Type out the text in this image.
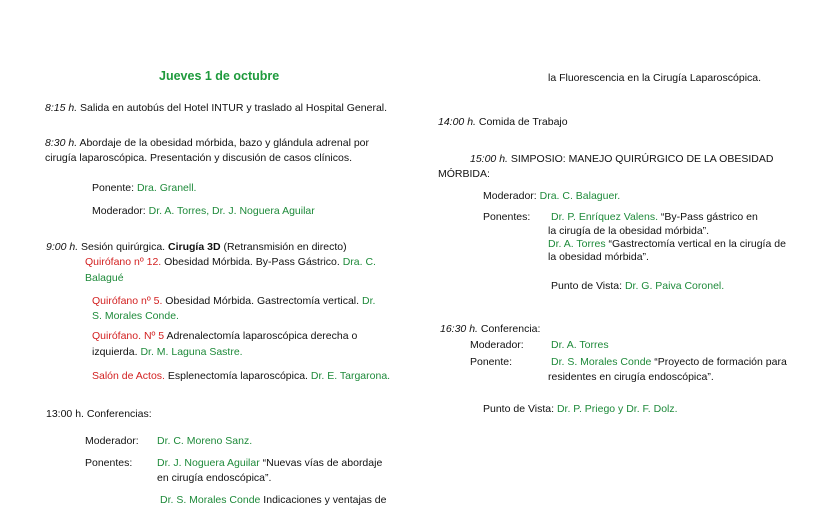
Jueves 1 de octubre
8:15 h. Salida en autobús del Hotel INTUR y traslado al Hospital General.
8:30 h. Abordaje de la obesidad mórbida, bazo y glándula adrenal por
cirugía laparoscópica. Presentación y discusión de casos clínicos.
Ponente: Dra. Granell.
Moderador: Dr. A. Torres, Dr. J. Noguera Aguilar
9:00 h. Sesión quirúrgica. Cirugía 3D (Retransmisión en directo)
Quirófano nº 12. Obesidad Mórbida. By-Pass Gástrico. Dra. C.
Balagué
Quirófano nº 5. Obesidad Mórbida. Gastrectomía vertical. Dr.
S. Morales Conde.
Quirófano. Nº 5 Adrenalectomía laparoscópica derecha o
izquierda. Dr. M. Laguna Sastre.
Salón de Actos. Esplenectomía laparoscópica. Dr. E. Targarona.
13:00 h. Conferencias:
Moderador: Dr. C. Moreno Sanz.
Ponentes: Dr. J. Noguera Aguilar “Nuevas vías de abordaje
en cirugía endoscópica”.
Dr. S. Morales Conde Indicaciones y ventajas de
la Fluorescencia en la Cirugía Laparoscópica.
14:00 h. Comida de Trabajo
15:00 h. SIMPOSIO: MANEJO QUIRÚRGICO DE LA OBESIDAD
MÓRBIDA:
Moderador: Dra. C. Balaguer.
Ponentes: Dr. P. Enríquez Valens. “By-Pass gástrico en
la cirugía de la obesidad mórbida”.
Dr. A. Torres “Gastrectomía vertical en la cirugía de
la obesidad mórbida”.
Punto de Vista: Dr. G. Paiva Coronel.
16:30 h. Conferencia:
Moderador:	Dr. A. Torres
Ponente:	Dr. S. Morales Conde “Proyecto de formación para
residentes en cirugía endoscópica”.
Punto de Vista: Dr. P. Priego y Dr. F. Dolz.
